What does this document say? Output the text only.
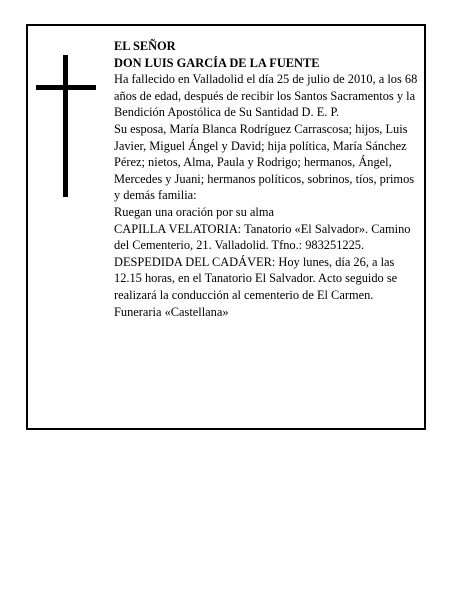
EL SEÑOR

DON LUIS GARCÍA DE LA FUENTE

Ha fallecido en Valladolid el día 25 de julio de 2010, a los 68 años de edad, después de recibir los Santos Sacramentos y la Bendición Apostólica de Su Santidad D. E. P.

Su esposa, María Blanca Rodríguez Carrascosa; hijos, Luis Javier, Miguel Ángel y David; hija política, María Sánchez Pérez; nietos, Alma, Paula y Rodrigo; hermanos, Ángel, Mercedes y Juani; hermanos políticos, sobrinos, tíos, primos y demás familia:

Ruegan una oración por su alma

CAPILLA VELATORIA: Tanatorio «El Salvador». Camino del Cementerio, 21. Valladolid. Tfno.: 983251225.

DESPEDIDA DEL CADÁVER: Hoy lunes, día 26, a las 12.15 horas, en el Tanatorio El Salvador. Acto seguido se realizará la conducción al cementerio de El Carmen.

Funeraria «Castellana»
